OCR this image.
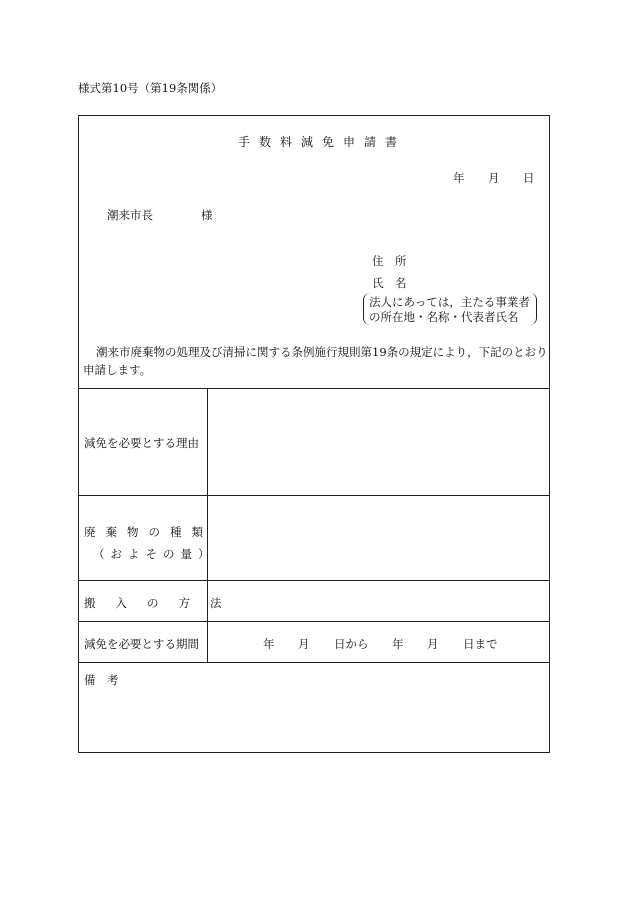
様式第10号（第19条関係）
手数料減免申請書
年 月 日
潮来市長	様
住　所
氏　名
法人にあっては，主たる事業者
の所在地・名称・代表者氏名
潮来市廃棄物の処理及び清掃に関する条例施行規則第19条の規定により，下記のとおり
申請します。
減免を必要とする理由
廃棄物の種類
（およその量）
搬入の方法
減免を必要とする期間	年 月 日から 年 月 日まで
備　考
